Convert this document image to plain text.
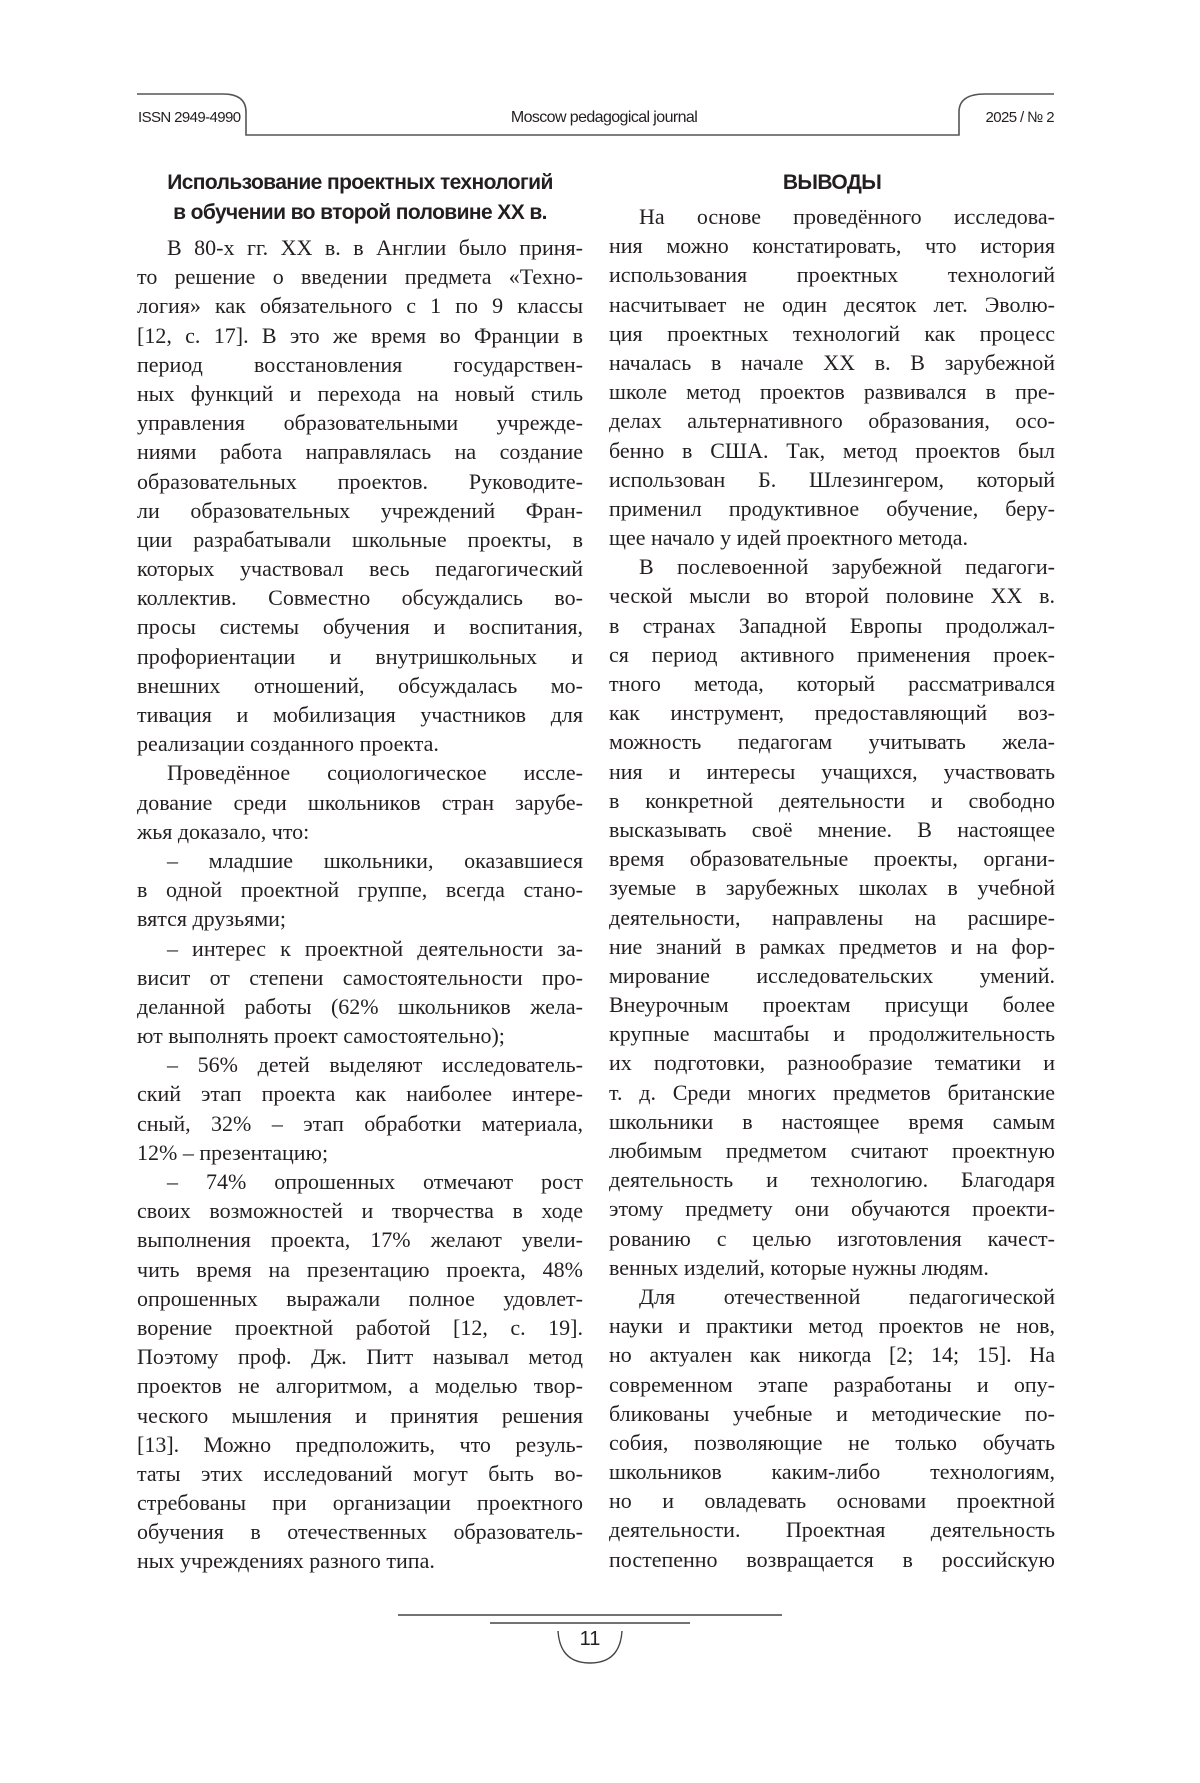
ISSN 2949-4990	Moscow pedagogical journal	2025 / № 2
Использование проектных технологий
в обучении во второй половине XX в.
В 80-х гг. XX в. в Англии было приня-
то решение о введении предмета «Техно-
логия» как обязательного с 1 по 9 классы
[12, с. 17]. В это же время во Франции в
период восстановления государствен-
ных функций и перехода на новый стиль
управления образовательными учрежде-
ниями работа направлялась на создание
образовательных проектов. Руководите-
ли образовательных учреждений Фран-
ции разрабатывали школьные проекты, в
которых участвовал весь педагогический
коллектив. Совместно обсуждались во-
просы системы обучения и воспитания,
профориентации и внутришкольных и
внешних отношений, обсуждалась мо-
тивация и мобилизация участников для
реализации созданного проекта.
Проведённое социологическое иссле-
дование среди школьников стран зарубе-
жья доказало, что:
– младшие школьники, оказавшиеся
в одной проектной группе, всегда стано-
вятся друзьями;
– интерес к проектной деятельности за-
висит от степени самостоятельности про-
деланной работы (62% школьников жела-
ют выполнять проект самостоятельно);
– 56% детей выделяют исследователь-
ский этап проекта как наиболее интере-
сный, 32% – этап обработки материала,
12% – презентацию;
– 74% опрошенных отмечают рост
своих возможностей и творчества в ходе
выполнения проекта, 17% желают увели-
чить время на презентацию проекта, 48%
опрошенных выражали полное удовлет-
ворение проектной работой [12, с. 19].
Поэтому проф. Дж. Питт называл метод
проектов не алгоритмом, а моделью твор-
ческого мышления и принятия решения
[13]. Можно предположить, что резуль-
таты этих исследований могут быть во-
стребованы при организации проектного
обучения в отечественных образователь-
ных учреждениях разного типа.
ВЫВОДЫ
На основе проведённого исследова-
ния можно констатировать, что история
использования проектных технологий
насчитывает не один десяток лет. Эволю-
ция проектных технологий как процесс
началась в начале XX в. В зарубежной
школе метод проектов развивался в пре-
делах альтернативного образования, осо-
бенно в США. Так, метод проектов был
использован Б. Шлезингером, который
применил продуктивное обучение, беру-
щее начало у идей проектного метода.
В послевоенной зарубежной педагоги-
ческой мысли во второй половине XX в.
в странах Западной Европы продолжал-
ся период активного применения проек-
тного метода, который рассматривался
как инструмент, предоставляющий воз-
можность педагогам учитывать жела-
ния и интересы учащихся, участвовать
в конкретной деятельности и свободно
высказывать своё мнение. В настоящее
время образовательные проекты, органи-
зуемые в зарубежных школах в учебной
деятельности, направлены на расшире-
ние знаний в рамках предметов и на фор-
мирование исследовательских умений.
Внеурочным проектам присущи более
крупные масштабы и продолжительность
их подготовки, разнообразие тематики и
т. д. Среди многих предметов британские
школьники в настоящее время самым
любимым предметом считают проектную
деятельность и технологию. Благодаря
этому предмету они обучаются проекти-
рованию с целью изготовления качест-
венных изделий, которые нужны людям.
Для отечественной педагогической
науки и практики метод проектов не нов,
но актуален как никогда [2; 14; 15]. На
современном этапе разработаны и опу-
бликованы учебные и методические по-
собия, позволяющие не только обучать
школьников каким-либо технологиям,
но и овладевать основами проектной
деятельности. Проектная деятельность
постепенно возвращается в российскую
11
